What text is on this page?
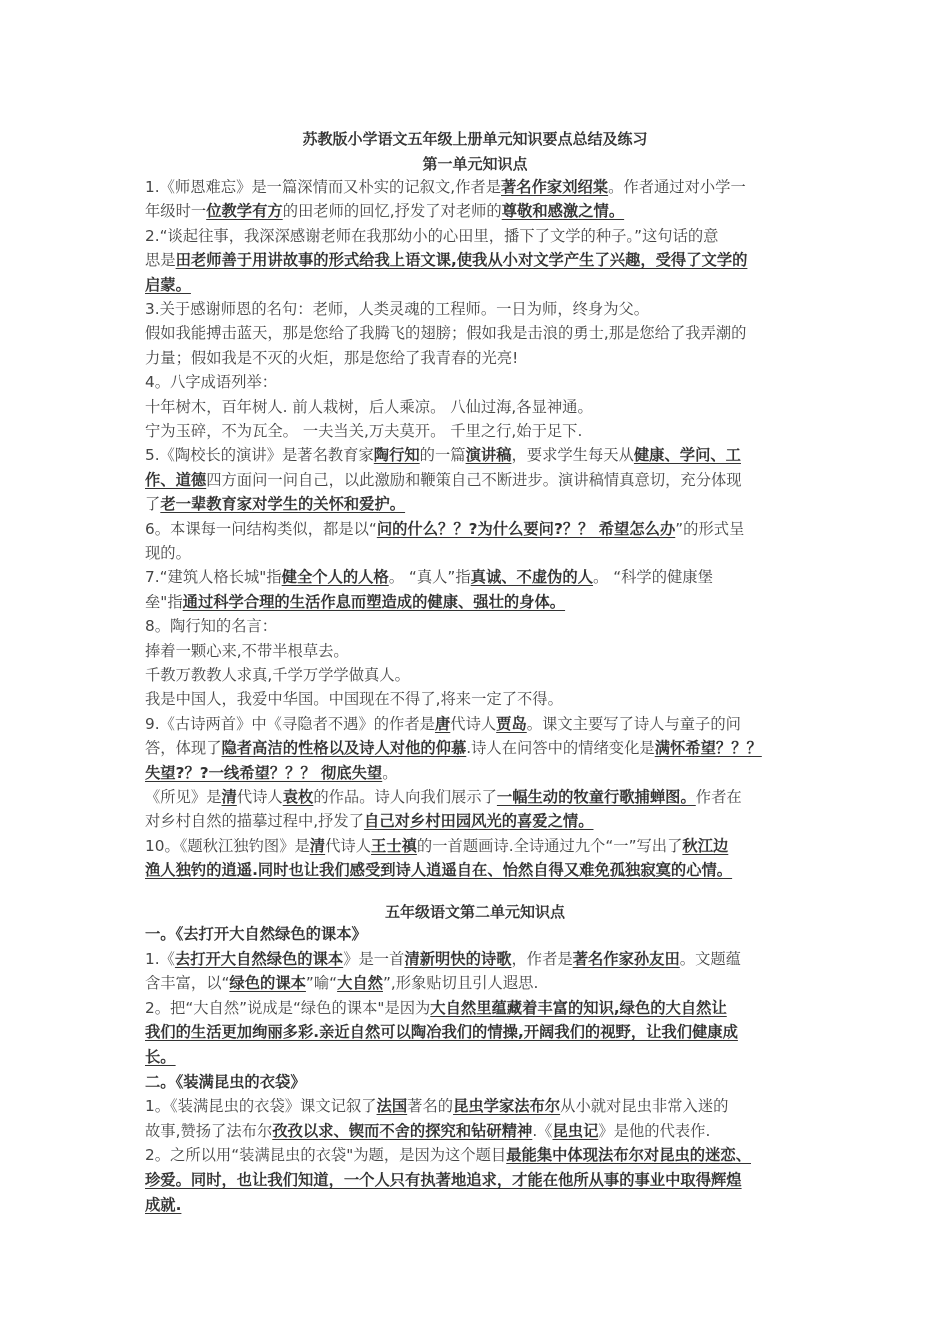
苏教版小学语文五年级上册单元知识要点总结及练习
第一单元知识点
1.《师恩难忘》是一篇深情而又朴实的记叙文,作者是著名作家刘绍棠。作者通过对小学一
年级时一位教学有方的田老师的回忆,抒发了对老师的尊敬和感激之情。
2.“谈起往事，我深深感谢老师在我那幼小的心田里，播下了文学的种子。”这句话的意
思是田老师善于用讲故事的形式给我上语文课,使我从小对文学产生了兴趣，受得了文学的
启蒙。
3.关于感谢师恩的名句：老师，人类灵魂的工程师。一日为师，终身为父。
假如我能搏击蓝天，那是您给了我腾飞的翅膀；假如我是击浪的勇士,那是您给了我弄潮的
力量；假如我是不灭的火炬，那是您给了我青春的光亮!
4。八字成语列举：
十年树木，百年树人. 前人栽树，后人乘凉。 八仙过海,各显神通。
宁为玉碎，不为瓦全。 一夫当关,万夫莫开。 千里之行,始于足下.
5.《陶校长的演讲》是著名教育家陶行知的一篇演讲稿，要求学生每天从健康、学问、工
作、道德四方面问一问自己，以此激励和鞭策自己不断进步。演讲稿情真意切，充分体现
了老一辈教育家对学生的关怀和爱护。
6。本课每一问结构类似，都是以“问的什么？？?为什么要问?？？ 希望怎么办”的形式呈
现的。
7.“建筑人格长城"指健全个人的人格。 “真人”指真诚、不虚伪的人。 “科学的健康堡
垒"指通过科学合理的生活作息而塑造成的健康、强壮的身体。
8。陶行知的名言：
捧着一颗心来,不带半根草去。
千教万教教人求真,千学万学学做真人。
我是中国人，我爱中华国。中国现在不得了,将来一定了不得。
9.《古诗两首》中《寻隐者不遇》的作者是唐代诗人贾岛。课文主要写了诗人与童子的问
答，体现了隐者高洁的性格以及诗人对他的仰慕.诗人在问答中的情绪变化是满怀希望？？？
失望?？?一线希望？？？ 彻底失望。
《所见》是清代诗人袁枚的作品。诗人向我们展示了一幅生动的牧童行歌捕蝉图。作者在
对乡村自然的描摹过程中,抒发了自己对乡村田园风光的喜爱之情。
10。《题秋江独钓图》是清代诗人王士禛的一首题画诗.全诗通过九个“一”写出了秋江边
渔人独钓的逍遥.同时也让我们感受到诗人逍遥自在、怡然自得又难免孤独寂寞的心情。
五年级语文第二单元知识点
一。《去打开大自然绿色的课本》
1.《去打开大自然绿色的课本》是一首清新明快的诗歌，作者是著名作家孙友田。文题蕴
含丰富，以“绿色的课本”喻“大自然”,形象贴切且引人遐思.
2。把“大自然”说成是“绿色的课本"是因为大自然里蕴藏着丰富的知识,绿色的大自然让
我们的生活更加绚丽多彩.亲近自然可以陶冶我们的情操,开阔我们的视野，让我们健康成
长。
二。《装满昆虫的衣袋》
1。《装满昆虫的衣袋》课文记叙了法国著名的昆虫学家法布尔从小就对昆虫非常入迷的
故事,赞扬了法布尔孜孜以求、锲而不舍的探究和钻研精神.《昆虫记》是他的代表作.
2。之所以用“装满昆虫的衣袋"为题，是因为这个题目最能集中体现法布尔对昆虫的迷恋、
珍爱。同时，也让我们知道，一个人只有执著地追求，才能在他所从事的事业中取得辉煌
成就.
